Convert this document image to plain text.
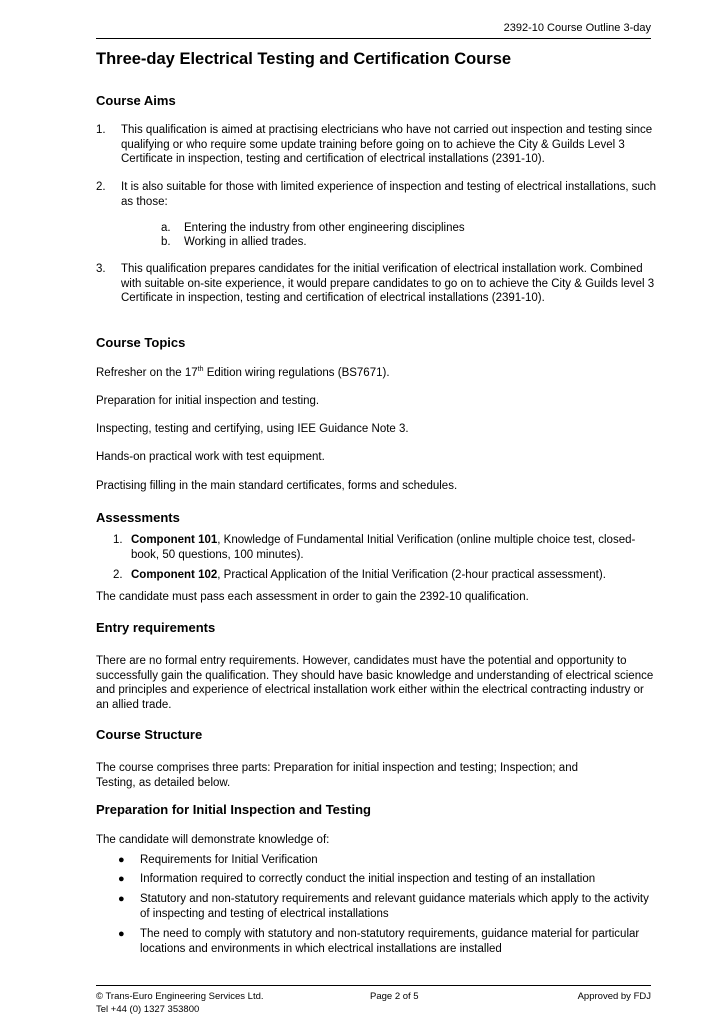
2392-10 Course Outline 3-day
Three-day Electrical Testing and Certification Course
Course Aims
1. This qualification is aimed at practising electricians who have not carried out inspection and testing since qualifying or who require some update training before going on to achieve the City & Guilds Level 3 Certificate in inspection, testing and certification of electrical installations (2391-10).
2. It is also suitable for those with limited experience of inspection and testing of electrical installations, such as those:
a. Entering the industry from other engineering disciplines
b. Working in allied trades.
3. This qualification prepares candidates for the initial verification of electrical installation work. Combined with suitable on-site experience, it would prepare candidates to go on to achieve the City & Guilds level 3 Certificate in inspection, testing and certification of electrical installations (2391-10).
Course Topics
Refresher on the 17th Edition wiring regulations (BS7671).
Preparation for initial inspection and testing.
Inspecting, testing and certifying, using IEE Guidance Note 3.
Hands-on practical work with test equipment.
Practising filling in the main standard certificates, forms and schedules.
Assessments
1. Component 101, Knowledge of Fundamental Initial Verification (online multiple choice test, closed-book, 50 questions, 100 minutes).
2. Component 102, Practical Application of the Initial Verification (2-hour practical assessment).
The candidate must pass each assessment in order to gain the 2392-10 qualification.
Entry requirements
There are no formal entry requirements. However, candidates must have the potential and opportunity to successfully gain the qualification. They should have basic knowledge and understanding of electrical science and principles and experience of electrical installation work either within the electrical contracting industry or an allied trade.
Course Structure
The course comprises three parts: Preparation for initial inspection and testing; Inspection; and Testing, as detailed below.
Preparation for Initial Inspection and Testing
The candidate will demonstrate knowledge of:
● Requirements for Initial Verification
● Information required to correctly conduct the initial inspection and testing of an installation
● Statutory and non-statutory requirements and relevant guidance materials which apply to the activity of inspecting and testing of electrical installations
● The need to comply with statutory and non-statutory requirements, guidance material for particular locations and environments in which electrical installations are installed
© Trans-Euro Engineering Services Ltd.	Page 2 of 5	Approved by FDJ
Tel +44 (0) 1327 353800
